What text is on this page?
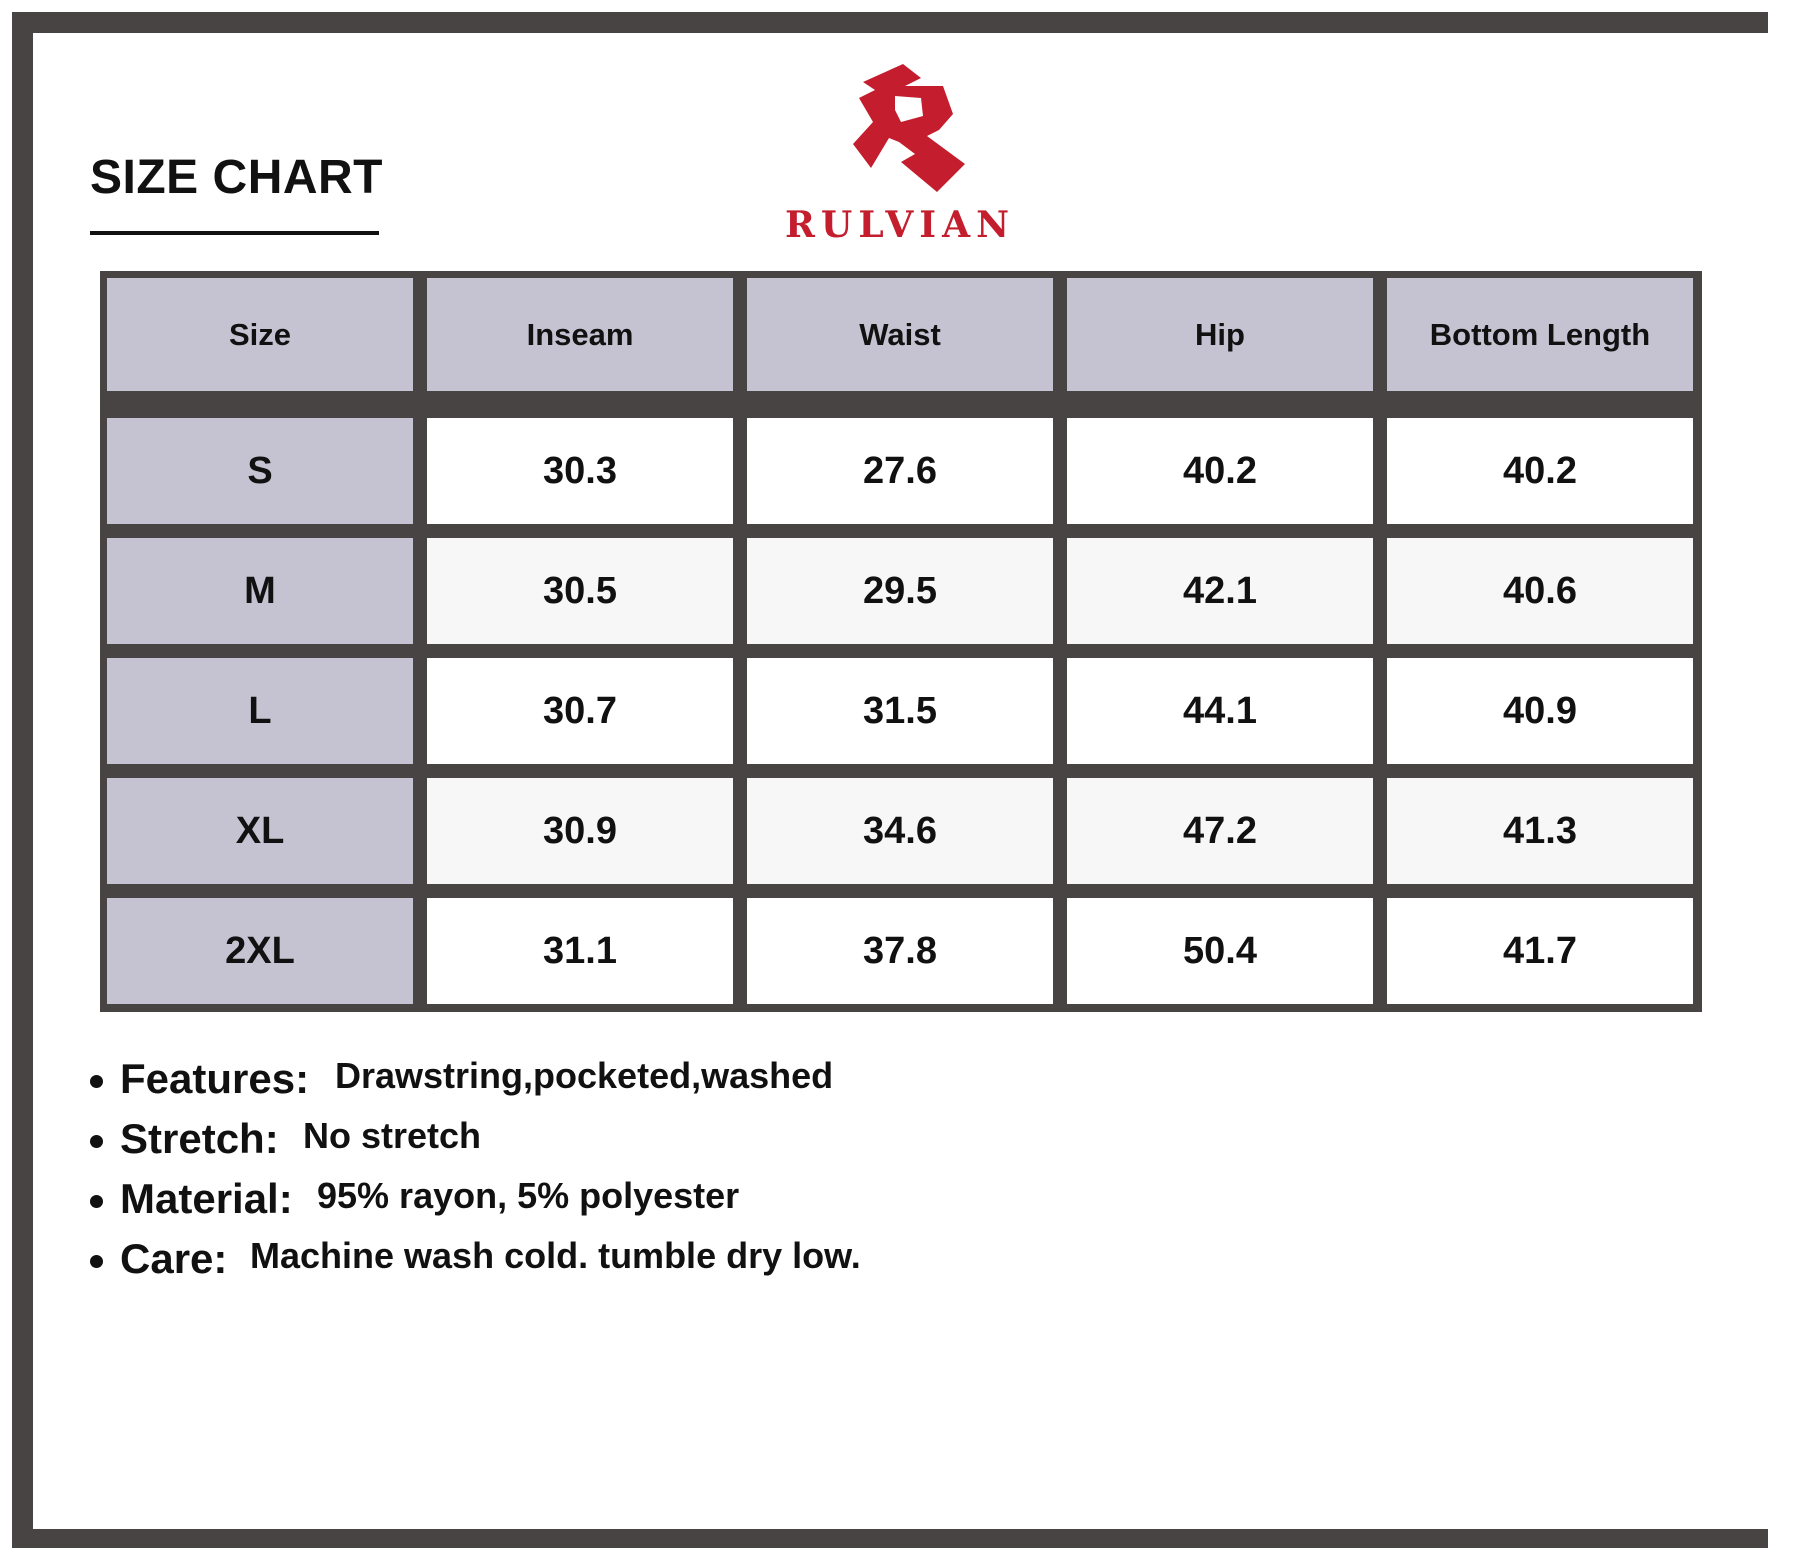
SIZE CHART
RULVIAN
Size	Inseam	Waist	Hip	Bottom Length
S	30.3	27.6	40.2	40.2
M	30.5	29.5	42.1	40.6
L	30.7	31.5	44.1	40.9
XL	30.9	34.6	47.2	41.3
2XL	31.1	37.8	50.4	41.7
Features: Drawstring,pocketed,washed
Stretch: No stretch
Material: 95% rayon, 5% polyester
Care: Machine wash cold. tumble dry low.
